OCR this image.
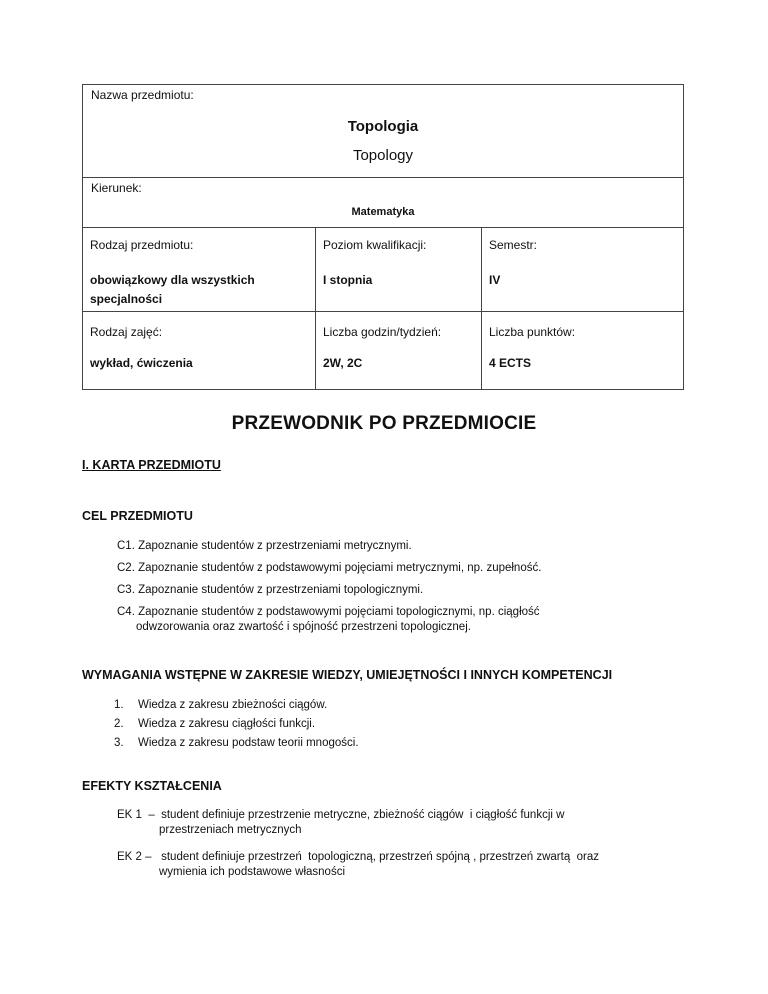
Nazwa przedmiotu:
Topologia
Topology
Kierunek:
Matematyka
Rodzaj przedmiotu:
obowiązkowy dla wszystkich specjalności
Poziom kwalifikacji:
I stopnia
Semestr:
IV
Rodzaj zajęć:
wykład, ćwiczenia
Liczba godzin/tydzień:
2W, 2C
Liczba punktów:
4 ECTS
PRZEWODNIK PO PRZEDMIOCIE
I. KARTA PRZEDMIOTU
CEL PRZEDMIOTU
C1. Zapoznanie studentów z przestrzeniami metrycznymi.
C2. Zapoznanie studentów z podstawowymi pojęciami metrycznymi, np. zupełność.
C3. Zapoznanie studentów z przestrzeniami topologicznymi.
C4. Zapoznanie studentów z podstawowymi pojęciami topologicznymi, np. ciągłość
odwzorowania oraz zwartość i spójność przestrzeni topologicznej.
WYMAGANIA WSTĘPNE W ZAKRESIE WIEDZY, UMIEJĘTNOŚCI I INNYCH KOMPETENCJI
1.	Wiedza z zakresu zbieżności ciągów.
2.	Wiedza z zakresu ciągłości funkcji.
3.	Wiedza z zakresu podstaw teorii mnogości.
EFEKTY KSZTAŁCENIA
EK 1  –  student definiuje przestrzenie metryczne, zbieżność ciągów  i ciągłość funkcji w
przestrzeniach metrycznych
EK 2 –   student definiuje przestrzeń  topologiczną, przestrzeń spójną , przestrzeń zwartą  oraz
wymienia ich podstawowe własności
